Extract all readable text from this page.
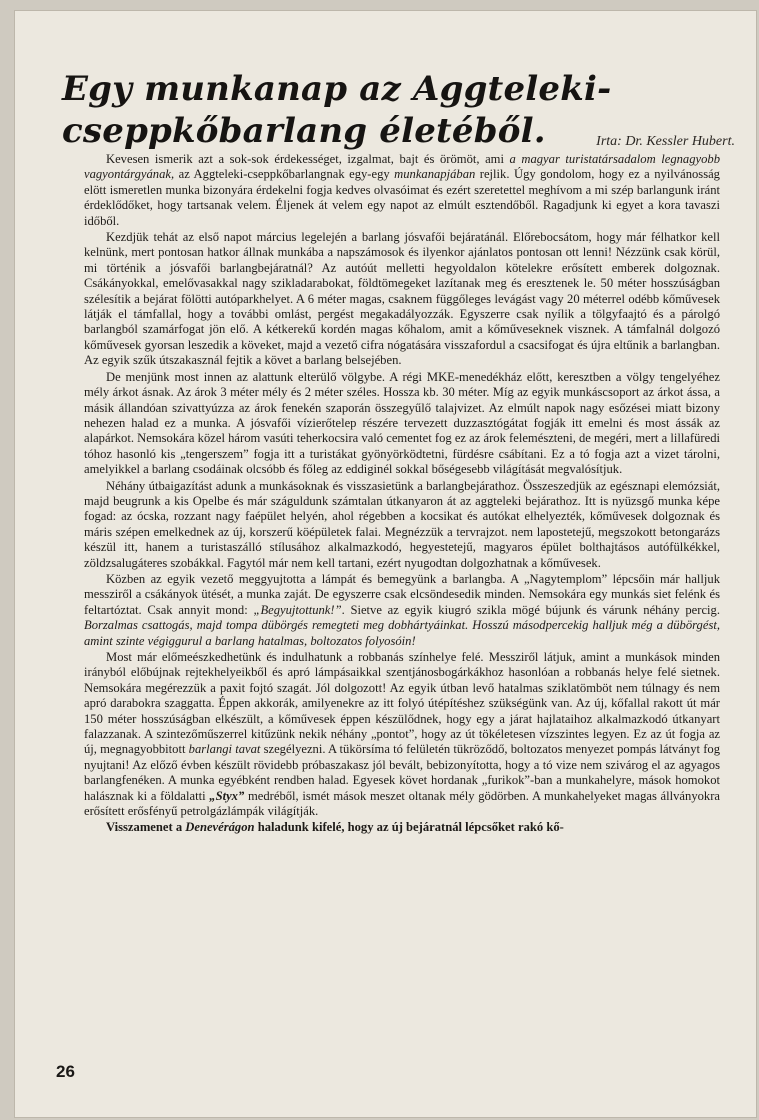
Egy munkanap az Aggteleki-cseppkőbarlang életéből.	Irta: Dr. Kessler Hubert.

Kevesen ismerik azt a sok-sok érdekességet, izgalmat, bajt és örömöt, ami a magyar turistatársadalom legnagyobb vagyontárgyának, az Aggteleki-cseppkőbarlangnak egy-egy munkanapjában rejlik. Úgy gondolom, hogy ez a nyilvánosság elött ismeretlen munka bizonyára érdekelni fogja kedves olvasóimat és ezért szeretettel meghívom a mi szép barlangunk iránt érdeklődőket, hogy tartsanak velem. Éljenek át velem egy napot az elmúlt esztendőből. Ragadjunk ki egyet a kora tavaszi időből.

Kezdjük tehát az első napot március legelején a barlang jósvafői bejáratánál. Előrebocsátom, hogy már félhatkor kell kelnünk, mert pontosan hatkor állnak munkába a napszámosok és ilyenkor ajánlatos pontosan ott lenni! Nézzünk csak körül, mi történik a jósvafői barlangbejáratnál? Az autóút melletti hegyoldalon kötelekre erősített emberek dolgoznak. Csákányokkal, emelővasakkal nagy szikladarabokat, földtömegeket lazítanak meg és eresztenek le. 50 méter hosszúságban szélesítik a bejárat fölötti autóparkhelyet. A 6 méter magas, csaknem függőleges levágást vagy 20 méterrel odébb kőművesek látják el támfallal, hogy a további omlást, pergést megakadályozzák. Egyszerre csak nyílik a tölgyfaajtó és a párolgó barlangból szamárfogat jön elő. A kétkerekű kordén magas kőhalom, amit a kőműveseknek visznek. A támfalnál dolgozó kőművesek gyorsan leszedik a köveket, majd a vezető cifra nógatására visszafordul a csacsifogat és újra eltűnik a barlangban. Az egyik szűk útszakasznál fejtik a követ a barlang belsejében.

De menjünk most innen az alattunk elterülő völgybe. A régi MKE-menedékház előtt, keresztben a völgy tengelyéhez mély árkot ásnak. Az árok 3 méter mély és 2 méter széles. Hossza kb. 30 méter. Míg az egyik munkáscsoport az árkot ássa, a másik állandóan szivattyúzza az árok fenekén szaporán összegyűlő talajvizet. Az elmúlt napok nagy esőzései miatt bizony nehezen halad ez a munka. A jósvafői vízierőtelep részére tervezett duzzasztógátat fogják itt emelni és most ássák az alapárkot. Nemsokára közel három vasúti teherkocsira való cementet fog ez az árok felemészteni, de megéri, mert a lillafüredi tóhoz hasonló kis „tengerszem” fogja itt a turistákat gyönyörködtetni, fürdésre csábítani. Ez a tó fogja azt a vizet tárolni, amelyikkel a barlang csodáinak olcsóbb és főleg az eddiginél sokkal bőségesebb világítását megvalósítjuk.

Néhány útbaigazítást adunk a munkásoknak és visszasietünk a barlangbejárathoz. Összeszedjük az egésznapi elemózsiát, majd beugrunk a kis Opelbe és már száguldunk számtalan útkanyaron át az aggteleki bejárathoz. Itt is nyüzsgő munka képe fogad: az ócska, rozzant nagy faépület helyén, ahol régebben a kocsikat és autókat elhelyezték, kőművesek dolgoznak és máris szépen emelkednek az új, korszerű köépületek falai. Megnézzük a tervrajzot. nem lapostetejű, megszokott betongarázs készül itt, hanem a turistaszálló stílusához alkalmazkodó, hegyestetejű, magyaros épület bolthajtásos autófülkékkel, zöldzsalugáteres szobákkal. Fagytól már nem kell tartani, ezért nyugodtan dolgozhatnak a kőművesek.

Közben az egyik vezető meggyujtotta a lámpát és bemegyünk a barlangba. A „Nagytemplom” lépcsőin már halljuk messziről a csákányok ütését, a munka zaját. De egyszerre csak elcsöndesedik minden. Nemsokára egy munkás siet felénk és feltartóztat. Csak annyit mond: „Begyujtottunk!”. Sietve az egyik kiugró szikla mögé bújunk és várunk néhány percig. Borzalmas csattogás, majd tompa dübörgés remegteti meg dobhártyáinkat. Hosszú másodpercekig halljuk még a dübörgést, amint szinte végiggurul a barlang hatalmas, boltozatos folyosóin!

Most már előmeészkedhetünk és indulhatunk a robbanás színhelye felé. Messziről látjuk, amint a munkások minden irányból előbújnak rejtekhelyeikből és apró lámpásaikkal szentjánosbogárkákhoz hasonlóan a robbanás helye felé sietnek. Nemsokára megérezzük a paxit fojtó szagát. Jól dolgozott! Az egyik útban levő hatalmas sziklatömböt nem túlnagy és nem apró darabokra szaggatta. Éppen akkorák, amilyenekre az itt folyó útépítéshez szükségünk van. Az új, kőfallal rakott út már 150 méter hosszúságban elkészült, a kőművesek éppen készülődnek, hogy egy a járat hajlataihoz alkalmazkodó útkanyart falazzanak. A szintezőműszerrel kitűzünk nekik néhány „pontot”, hogy az út tökéletesen vízszintes legyen. Ez az út fogja az új, megnagyobbitott barlangi tavat szegélyezni. A tükörsíma tó felületén tükröződő, boltozatos menyezet pompás látványt fog nyujtani! Az előző évben készült rövidebb próbaszakasz jól bevált, bebizonyította, hogy a tó vize nem szivárog el az agyagos barlangfenéken. A munka egyébként rendben halad. Egyesek követ hordanak „furikok”-ban a munkahelyre, mások homokot halásznak ki a földalatti „Styx” medréből, ismét mások meszet oltanak mély gödörben. A munkahelyeket magas állványokra erősített erősfényű petrolgázlámpák világítják.

Visszamenet a Denevérágon haladunk kifelé, hogy az új bejáratnál lépcsőket rakó kő-

26
